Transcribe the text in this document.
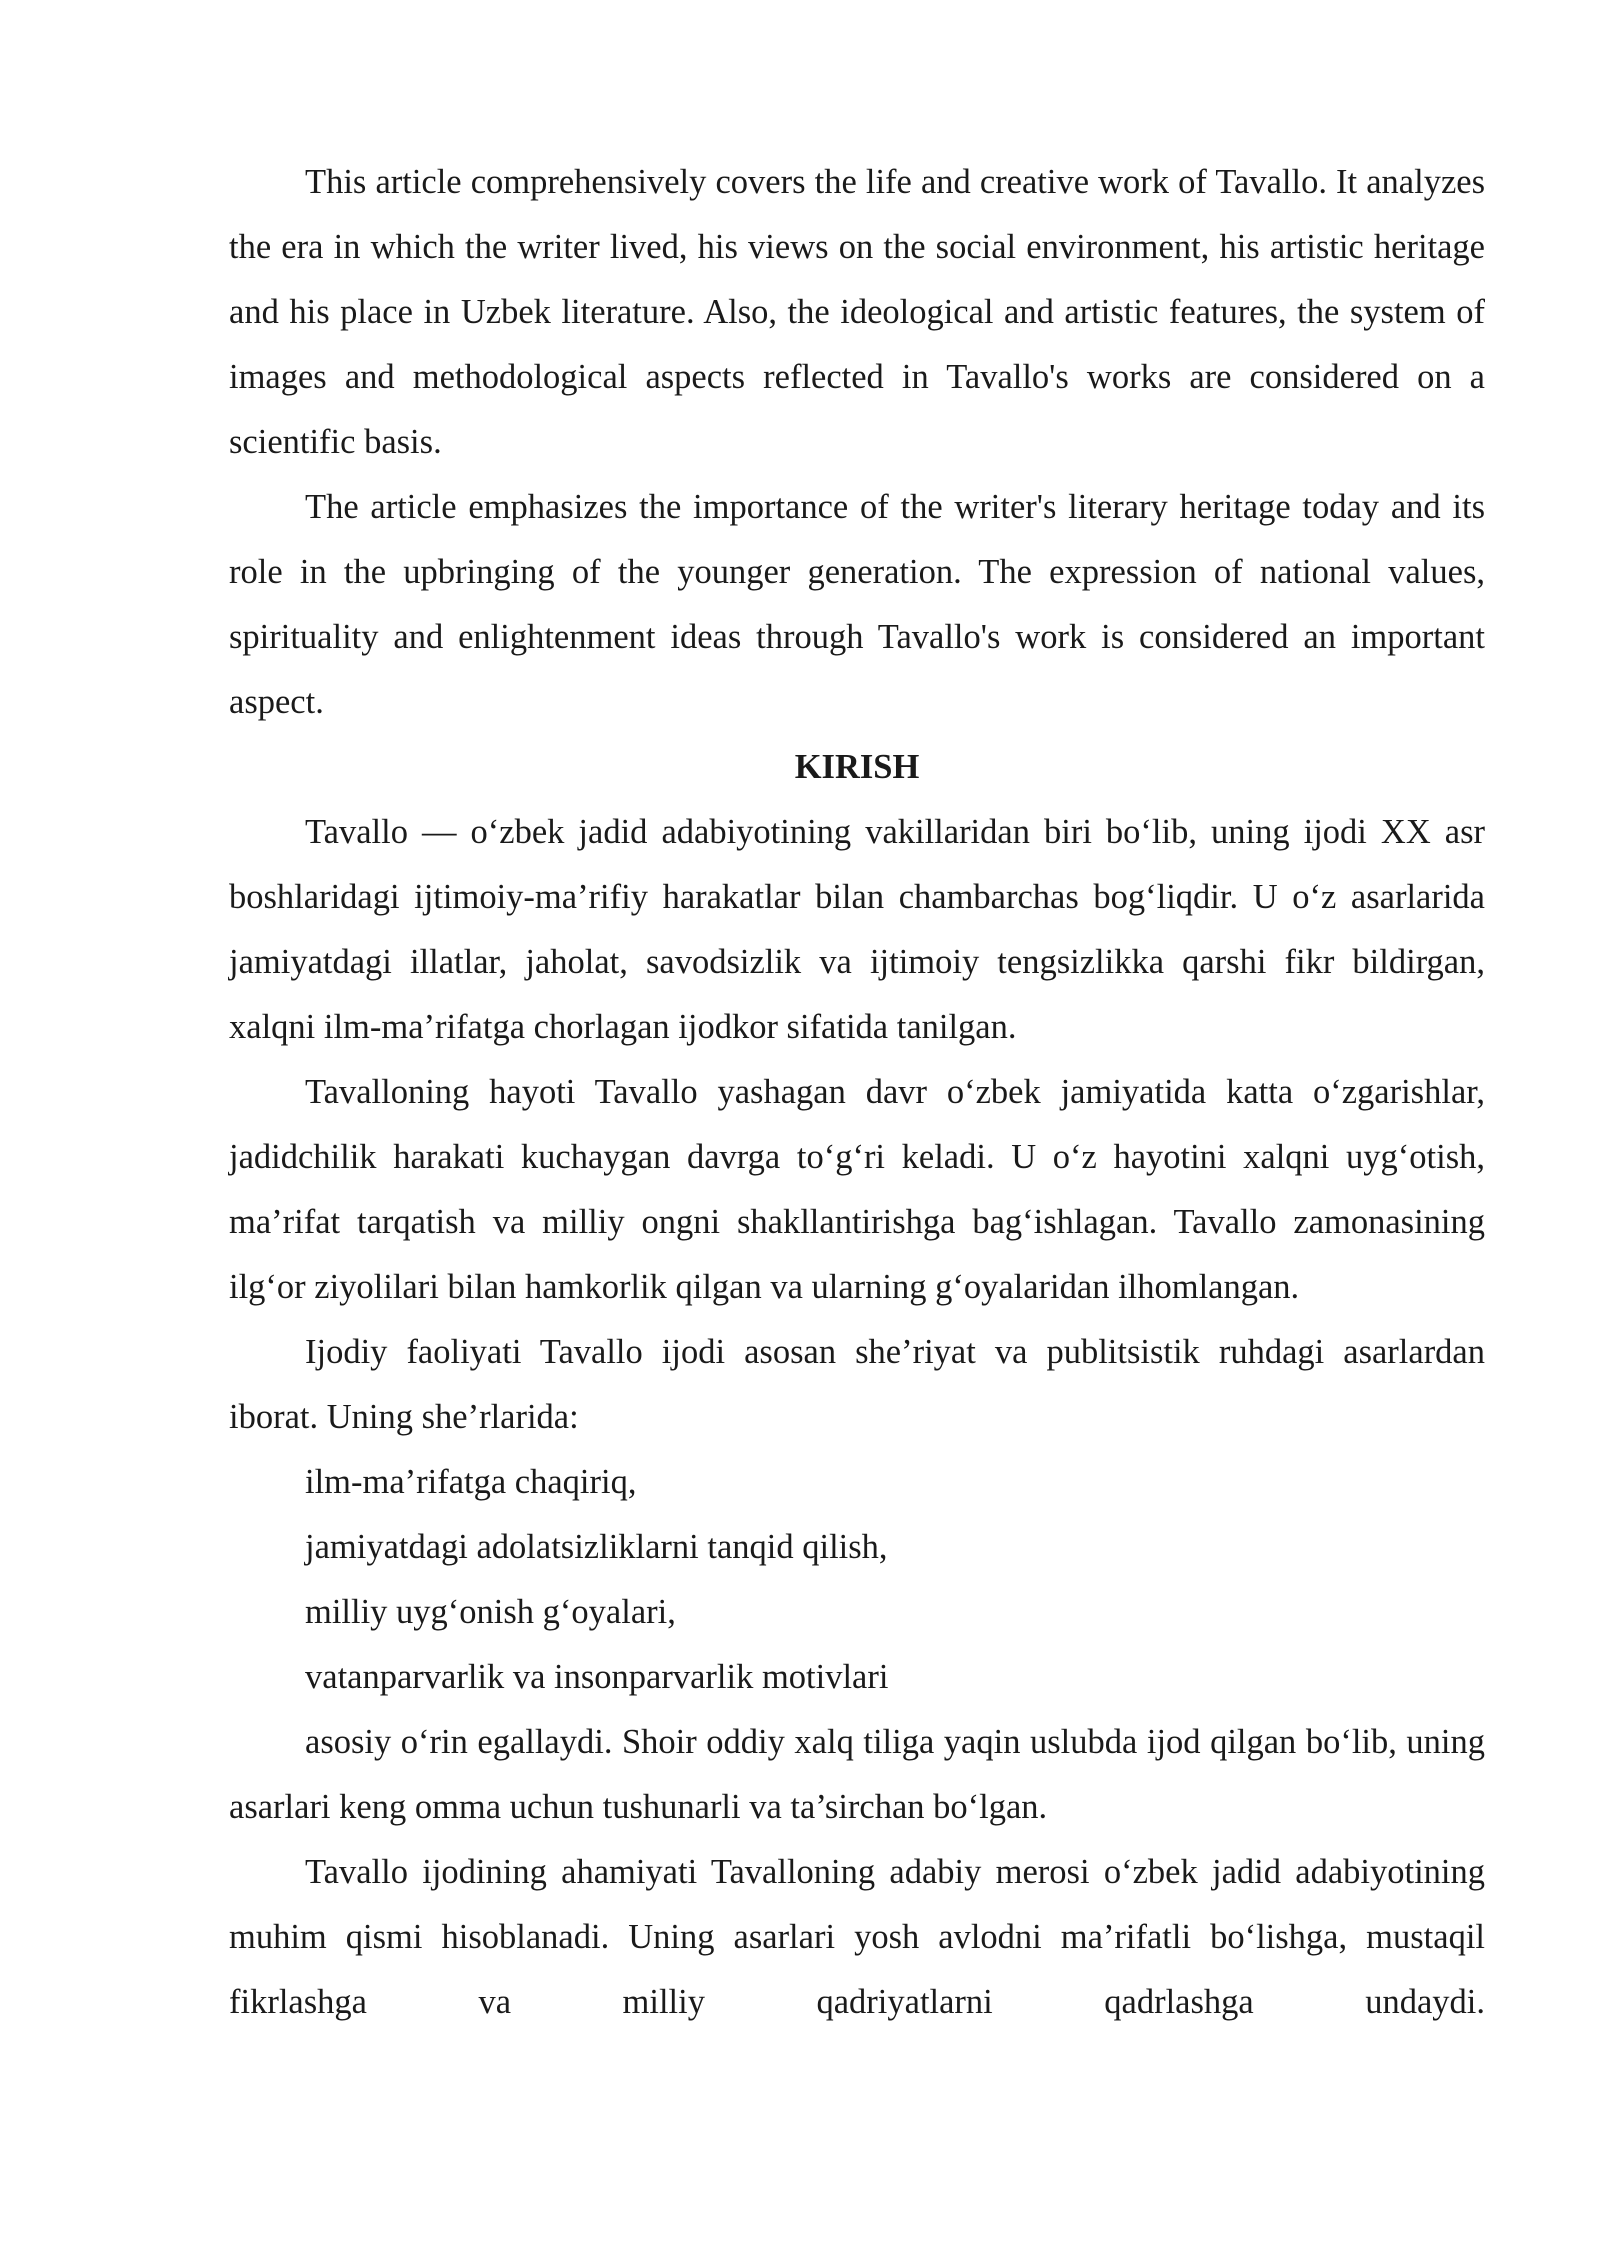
This article comprehensively covers the life and creative work of Tavallo. It analyzes the era in which the writer lived, his views on the social environment, his artistic heritage and his place in Uzbek literature. Also, the ideological and artistic features, the system of images and methodological aspects reflected in Tavallo's works are considered on a scientific basis.

The article emphasizes the importance of the writer's literary heritage today and its role in the upbringing of the younger generation. The expression of national values, spirituality and enlightenment ideas through Tavallo's work is considered an important aspect.

KIRISH

Tavallo — o‘zbek jadid adabiyotining vakillaridan biri bo‘lib, uning ijodi XX asr boshlaridagi ijtimoiy-ma’rifiy harakatlar bilan chambarchas bog‘liqdir. U o‘z asarlarida jamiyatdagi illatlar, jaholat, savodsizlik va ijtimoiy tengsizlikka qarshi fikr bildirgan, xalqni ilm-ma’rifatga chorlagan ijodkor sifatida tanilgan.

Tavalloning hayoti Tavallo yashagan davr o‘zbek jamiyatida katta o‘zgarishlar, jadidchilik harakati kuchaygan davrga to‘g‘ri keladi. U o‘z hayotini xalqni uyg‘otish, ma’rifat tarqatish va milliy ongni shakllantirishga bag‘ishlagan. Tavallo zamonasining ilg‘or ziyolilari bilan hamkorlik qilgan va ularning g‘oyalaridan ilhomlangan.

Ijodiy faoliyati Tavallo ijodi asosan she’riyat va publitsistik ruhdagi asarlardan iborat. Uning she’rlarida:

ilm-ma’rifatga chaqiriq,
jamiyatdagi adolatsizliklarni tanqid qilish,
milliy uyg‘onish g‘oyalari,
vatanparvarlik va insonparvarlik motivlari

asosiy o‘rin egallaydi. Shoir oddiy xalq tiliga yaqin uslubda ijod qilgan bo‘lib, uning asarlari keng omma uchun tushunarli va ta’sirchan bo‘lgan.

Tavallo ijodining ahamiyati Tavalloning adabiy merosi o‘zbek jadid adabiyotining muhim qismi hisoblanadi. Uning asarlari yosh avlodni ma’rifatli bo‘lishga, mustaqil fikrlashga va milliy qadriyatlarni qadrlashga undaydi.
